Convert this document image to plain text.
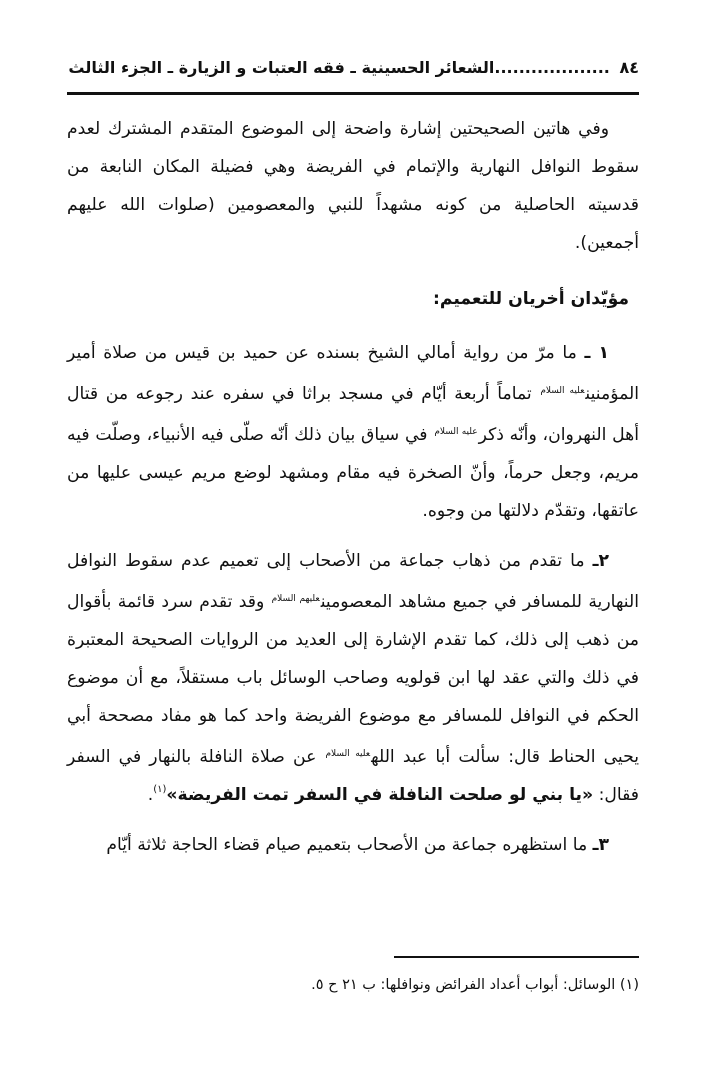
٨٤ ...................الشعائر الحسينية ـ فقه العتبات و الزيارة ـ الجزء الثالث

وفي هاتين الصحيحتين إشارة واضحة إلى الموضوع المتقدم المشترك لعدم سقوط النوافل النهارية والإتمام في الفريضة وهي فضيلة المكان النابعة من قدسيته الحاصلية من كونه مشهداً للنبي والمعصومين (صلوات الله عليهم أجمعين).

مؤيّدان أخريان للتعميم:

١ ـ ما مرّ من رواية أمالي الشيخ بسنده عن حميد بن قيس من صلاة أمير المؤمنين$^{عليه السلام}$ تماماً أربعة أيّام في مسجد براثا في سفره عند رجوعه من قتال أهل النهروان، وأنّه ذكر$^{عليه السلام}$ في سياق بيان ذلك أنّه صلّى فيه الأنبياء، وصلّت فيه مريم، وجعل حرماً، وأنّ الصخرة فيه مقام ومشهد لوضع مريم عيسى عليها من عاتقها، وتقدّم دلالتها من وجوه.

٢ـ ما تقدم من ذهاب جماعة من الأصحاب إلى تعميم عدم سقوط النوافل النهارية للمسافر في جميع مشاهد المعصومين$^{عليهم السلام}$ وقد تقدم سرد قائمة بأقوال من ذهب إلى ذلك، كما تقدم الإشارة إلى العديد من الروايات الصحيحة المعتبرة في ذلك والتي عقد لها ابن قولويه وصاحب الوسائل باب مستقلاً، مع أن موضوع الحكم في النوافل للمسافر مع موضوع الفريضة واحد كما هو مفاد مصححة أبي يحيى الحناط قال: سألت أبا عبد الله$^{عليه السلام}$ عن صلاة النافلة بالنهار في السفر فقال: «يا بني لو صلحت النافلة في السفر تمت الفريضة»$^{(١)}$.

٣ـ ما استظهره جماعة من الأصحاب بتعميم صيام قضاء الحاجة ثلاثة أيّام

(١) الوسائل: أبواب أعداد الفرائض ونوافلها: ب ٢١ ح ٥.
